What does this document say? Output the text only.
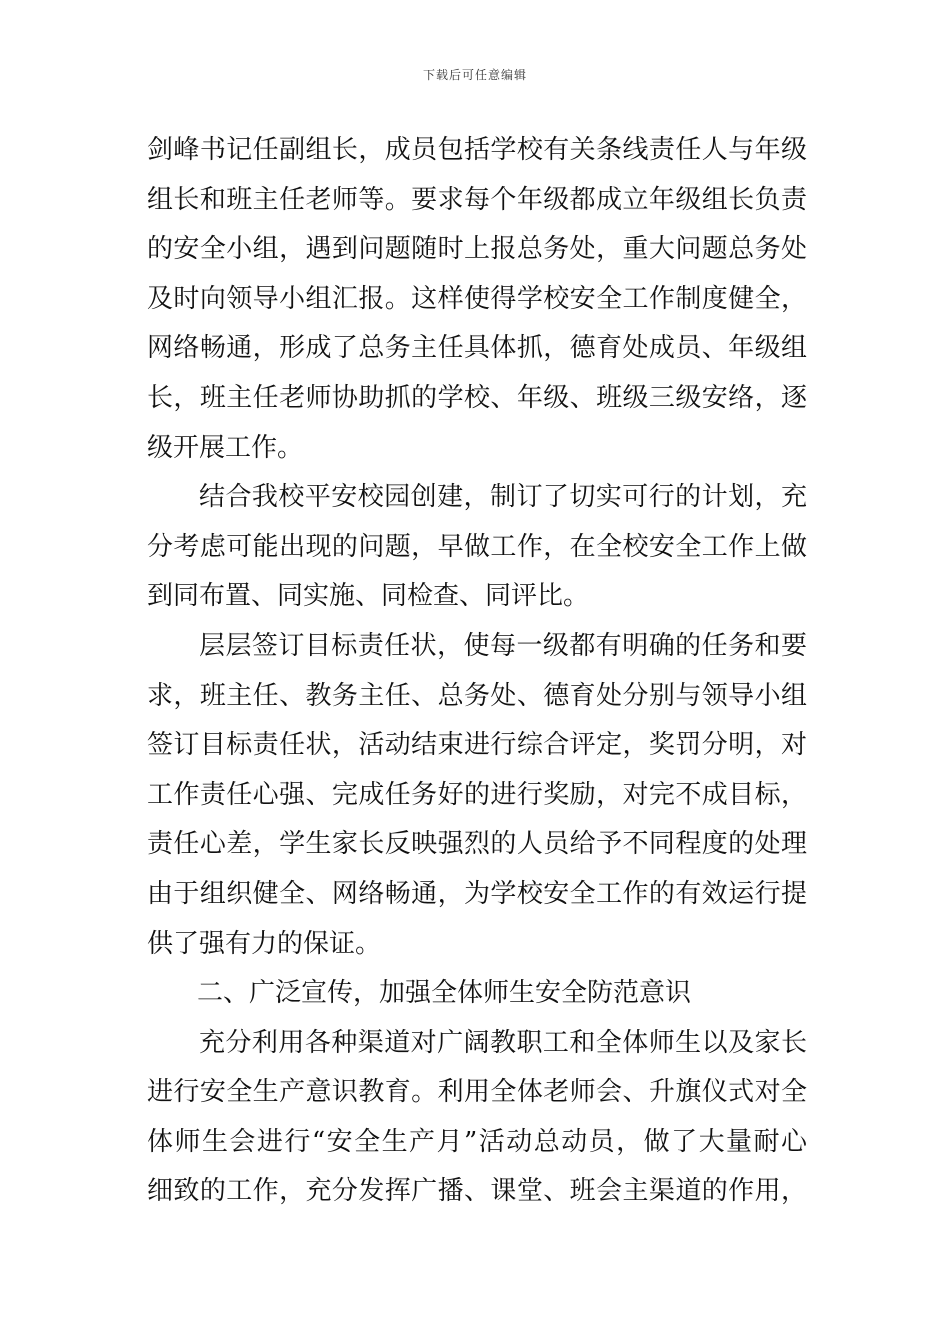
下载后可任意编辑

剑峰书记任副组长，成员包括学校有关条线责任人与年级
组长和班主任老师等。要求每个年级都成立年级组长负责
的安全小组，遇到问题随时上报总务处，重大问题总务处
及时向领导小组汇报。这样使得学校安全工作制度健全，
网络畅通，形成了总务主任具体抓，德育处成员、年级组
长，班主任老师协助抓的学校、年级、班级三级安络，逐
级开展工作。

结合我校平安校园创建，制订了切实可行的计划，充
分考虑可能出现的问题，早做工作，在全校安全工作上做
到同布置、同实施、同检查、同评比。

层层签订目标责任状，使每一级都有明确的任务和要
求，班主任、教务主任、总务处、德育处分别与领导小组
签订目标责任状，活动结束进行综合评定，奖罚分明，对
工作责任心强、完成任务好的进行奖励，对完不成目标，
责任心差，学生家长反映强烈的人员给予不同程度的处理
由于组织健全、网络畅通，为学校安全工作的有效运行提
供了强有力的保证。

二、广泛宣传，加强全体师生安全防范意识

充分利用各种渠道对广阔教职工和全体师生以及家长
进行安全生产意识教育。利用全体老师会、升旗仪式对全
体师生会进行“安全生产月”活动总动员，做了大量耐心
细致的工作，充分发挥广播、课堂、班会主渠道的作用，
